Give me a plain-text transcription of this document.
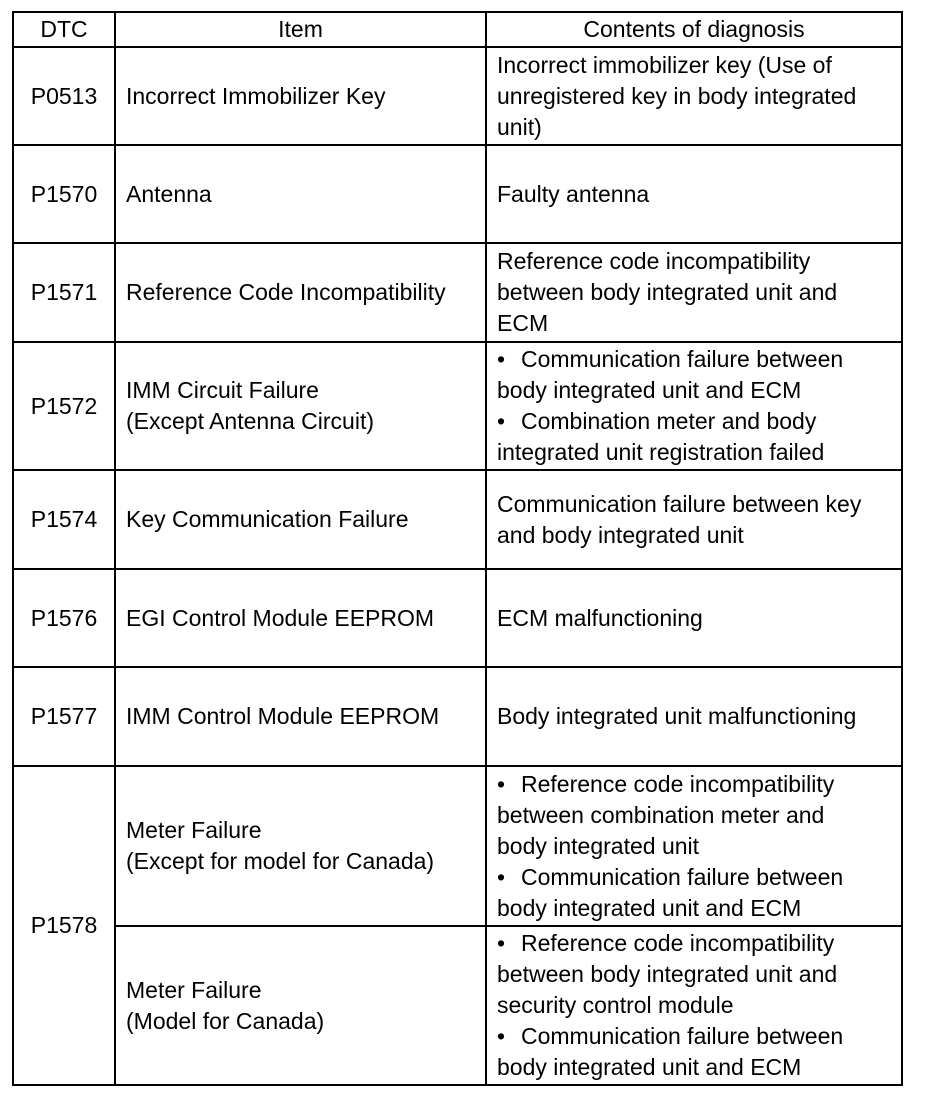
DTC	Item	Contents of diagnosis
P0513	Incorrect Immobilizer Key	Incorrect immobilizer key (Use of
unregistered key in body integrated
unit)

P1570	Antenna	Faulty antenna

P1571	Reference Code Incompatibility	Reference code incompatibility
between body integrated unit and
ECM

P1572	IMM Circuit Failure
(Except Antenna Circuit)	• Communication failure between
body integrated unit and ECM
• Combination meter and body
integrated unit registration failed

P1574	Key Communication Failure	Communication failure between key
and body integrated unit

P1576	EGI Control Module EEPROM	ECM malfunctioning

P1577	IMM Control Module EEPROM	Body integrated unit malfunctioning

P1578	Meter Failure
(Except for model for Canada)	• Reference code incompatibility
between combination meter and
body integrated unit
• Communication failure between
body integrated unit and ECM

	Meter Failure
(Model for Canada)	• Reference code incompatibility
between body integrated unit and
security control module
• Communication failure between
body integrated unit and ECM
